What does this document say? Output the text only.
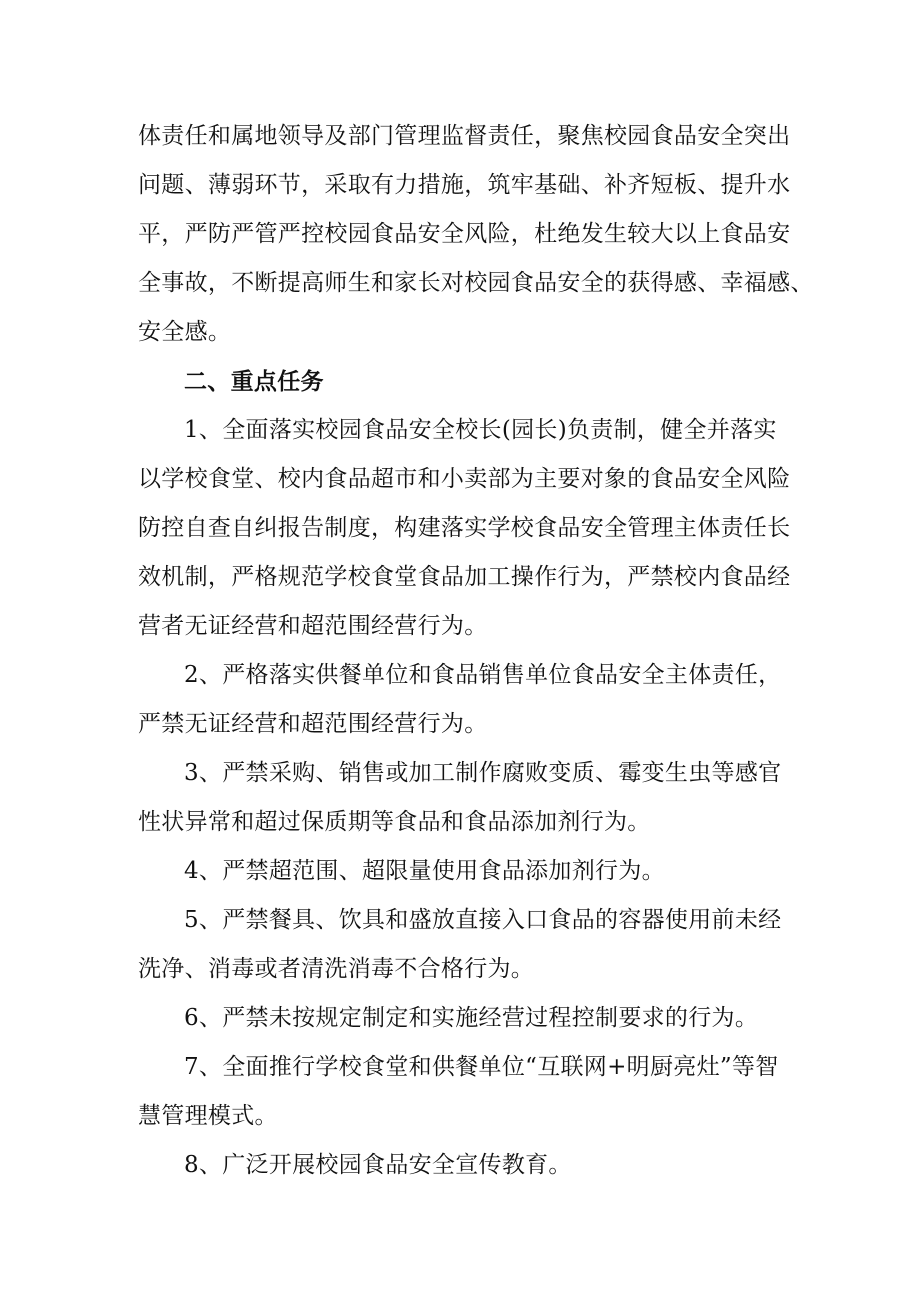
体责任和属地领导及部门管理监督责任，聚焦校园食品安全突出
问题、薄弱环节，采取有力措施，筑牢基础、补齐短板、提升水
平，严防严管严控校园食品安全风险，杜绝发生较大以上食品安
全事故，不断提高师生和家长对校园食品安全的获得感、幸福感、
安全感。

二、重点任务

1、全面落实校园食品安全校长(园长)负责制，健全并落实
以学校食堂、校内食品超市和小卖部为主要对象的食品安全风险
防控自查自纠报告制度，构建落实学校食品安全管理主体责任长
效机制，严格规范学校食堂食品加工操作行为，严禁校内食品经
营者无证经营和超范围经营行为。

2、严格落实供餐单位和食品销售单位食品安全主体责任，
严禁无证经营和超范围经营行为。

3、严禁采购、销售或加工制作腐败变质、霉变生虫等感官
性状异常和超过保质期等食品和食品添加剂行为。

4、严禁超范围、超限量使用食品添加剂行为。

5、严禁餐具、饮具和盛放直接入口食品的容器使用前未经
洗净、消毒或者清洗消毒不合格行为。

6、严禁未按规定制定和实施经营过程控制要求的行为。

7、全面推行学校食堂和供餐单位“互联网+明厨亮灶”等智
慧管理模式。

8、广泛开展校园食品安全宣传教育。
